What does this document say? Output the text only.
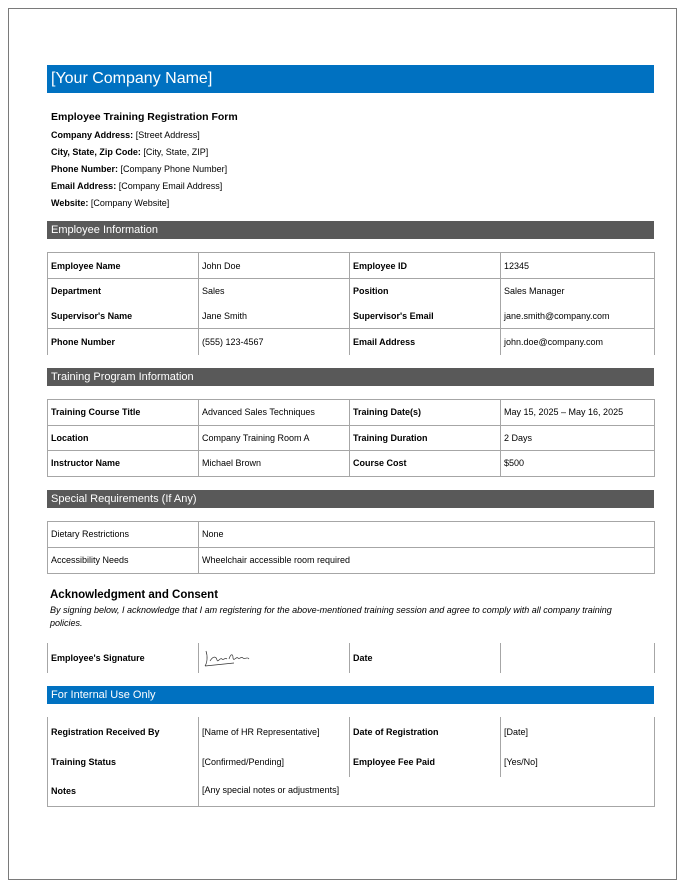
[Your Company Name]
Employee Training Registration Form
Company Address: [Street Address]
City, State, Zip Code: [City, State, ZIP]
Phone Number: [Company Phone Number]
Email Address: [Company Email Address]
Website: [Company Website]
Employee Information
Employee Name	John Doe	Employee ID	12345
Department	Sales	Position	Sales Manager
Supervisor's Name	Jane Smith	Supervisor's Email	jane.smith@company.com
Phone Number	(555) 123-4567	Email Address	john.doe@company.com
Training Program Information
Training Course Title	Advanced Sales Techniques	Training Date(s)	May 15, 2025 – May 16, 2025
Location	Company Training Room A	Training Duration	2 Days
Instructor Name	Michael Brown	Course Cost	$500
Special Requirements (If Any)
Dietary Restrictions	None
Accessibility Needs	Wheelchair accessible room required
Acknowledgment and Consent
By signing below, I acknowledge that I am registering for the above-mentioned training session and agree to comply with all company training policies.
Employee's Signature		Date	
For Internal Use Only
Registration Received By	[Name of HR Representative]	Date of Registration	[Date]
Training Status	[Confirmed/Pending]	Employee Fee Paid	[Yes/No]
Notes	[Any special notes or adjustments]
